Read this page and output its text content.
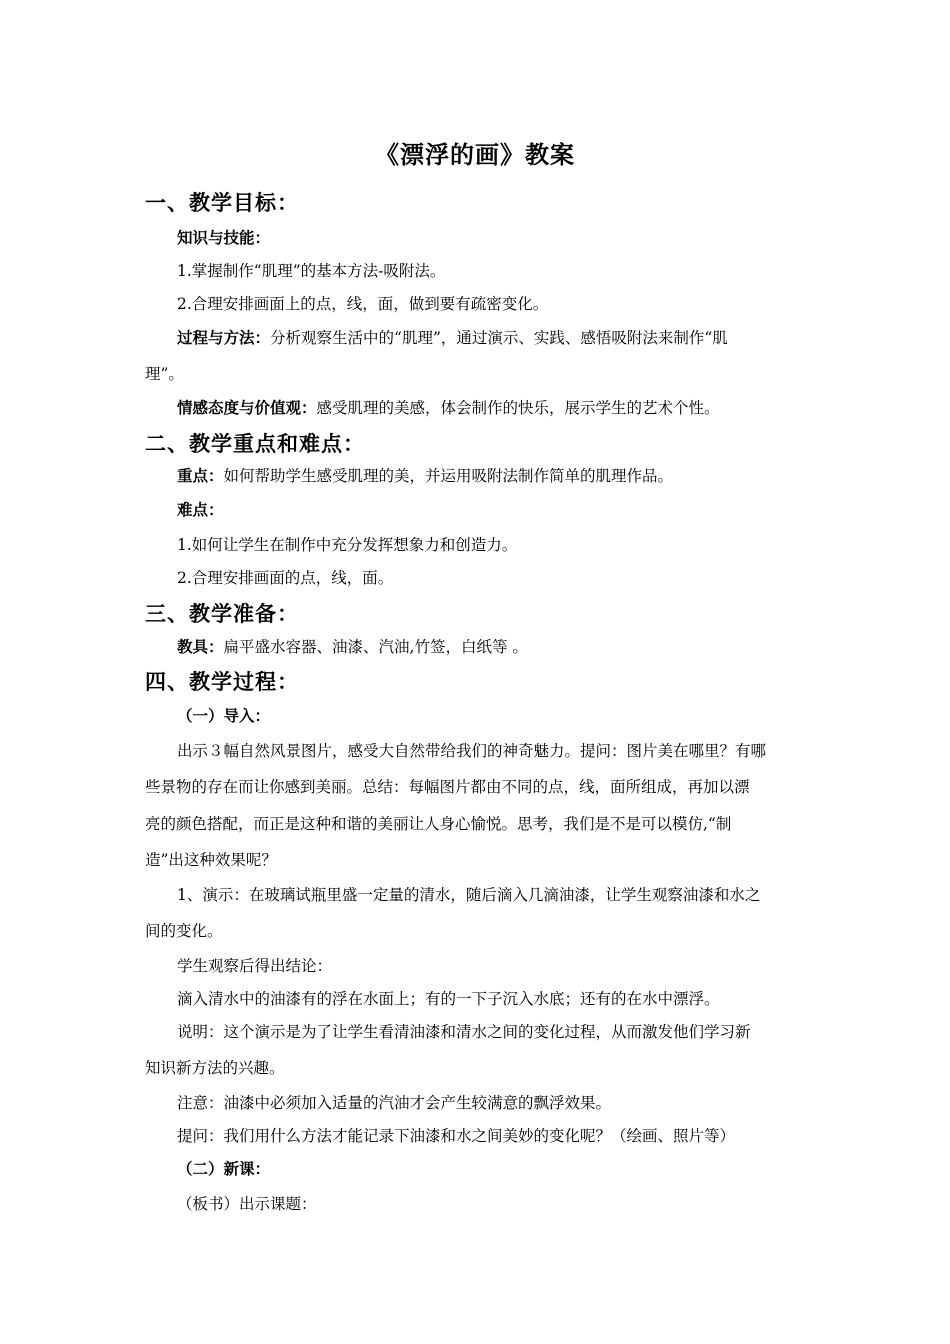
《漂浮的画》教案
一、教学目标：
知识与技能：
1.掌握制作“肌理”的基本方法-吸附法。
2.合理安排画面上的点，线，面，做到要有疏密变化。
过程与方法：分析观察生活中的“肌理”，通过演示、实践、感悟吸附法来制作“肌
理”。
情感态度与价值观：感受肌理的美感，体会制作的快乐，展示学生的艺术个性。
二、教学重点和难点：
重点：如何帮助学生感受肌理的美，并运用吸附法制作简单的肌理作品。
难点：
1.如何让学生在制作中充分发挥想象力和创造力。
2.合理安排画面的点，线，面。
三、教学准备：
教具：扁平盛水容器、油漆、汽油,竹签，白纸等 。
四、教学过程：
（一）导入：
出示３幅自然风景图片，感受大自然带给我们的神奇魅力。提问：图片美在哪里？有哪
些景物的存在而让你感到美丽。总结：每幅图片都由不同的点，线，面所组成，再加以漂
亮的颜色搭配，而正是这种和谐的美丽让人身心愉悦。思考，我们是不是可以模仿,“制
造”出这种效果呢？
1、演示：在玻璃试瓶里盛一定量的清水，随后滴入几滴油漆，让学生观察油漆和水之
间的变化。
学生观察后得出结论：
滴入清水中的油漆有的浮在水面上；有的一下子沉入水底；还有的在水中漂浮。
说明：这个演示是为了让学生看清油漆和清水之间的变化过程，从而激发他们学习新
知识新方法的兴趣。
注意：油漆中必须加入适量的汽油才会产生较满意的飘浮效果。
提问：我们用什么方法才能记录下油漆和水之间美妙的变化呢？（绘画、照片等）
（二）新课：
（板书）出示课题：
